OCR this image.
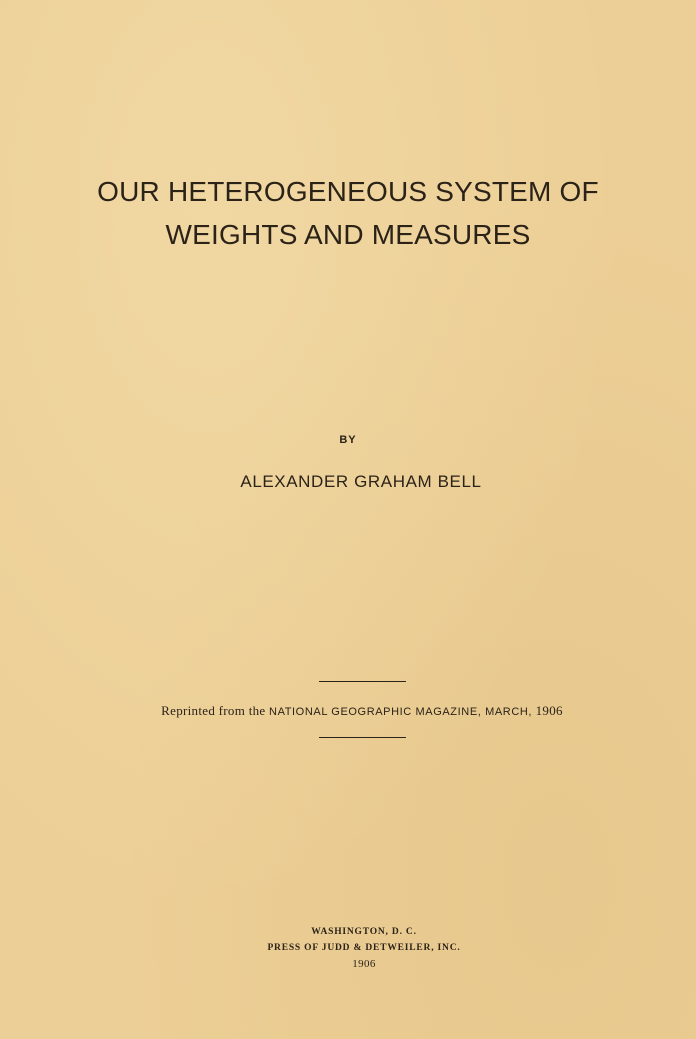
OUR HETEROGENEOUS SYSTEM OF
WEIGHTS AND MEASURES
BY
ALEXANDER GRAHAM BELL
Reprinted from the NATIONAL GEOGRAPHIC MAGAZINE, MARCH, 1906
WASHINGTON, D. C.
PRESS OF JUDD & DETWEILER, INC.
1906
